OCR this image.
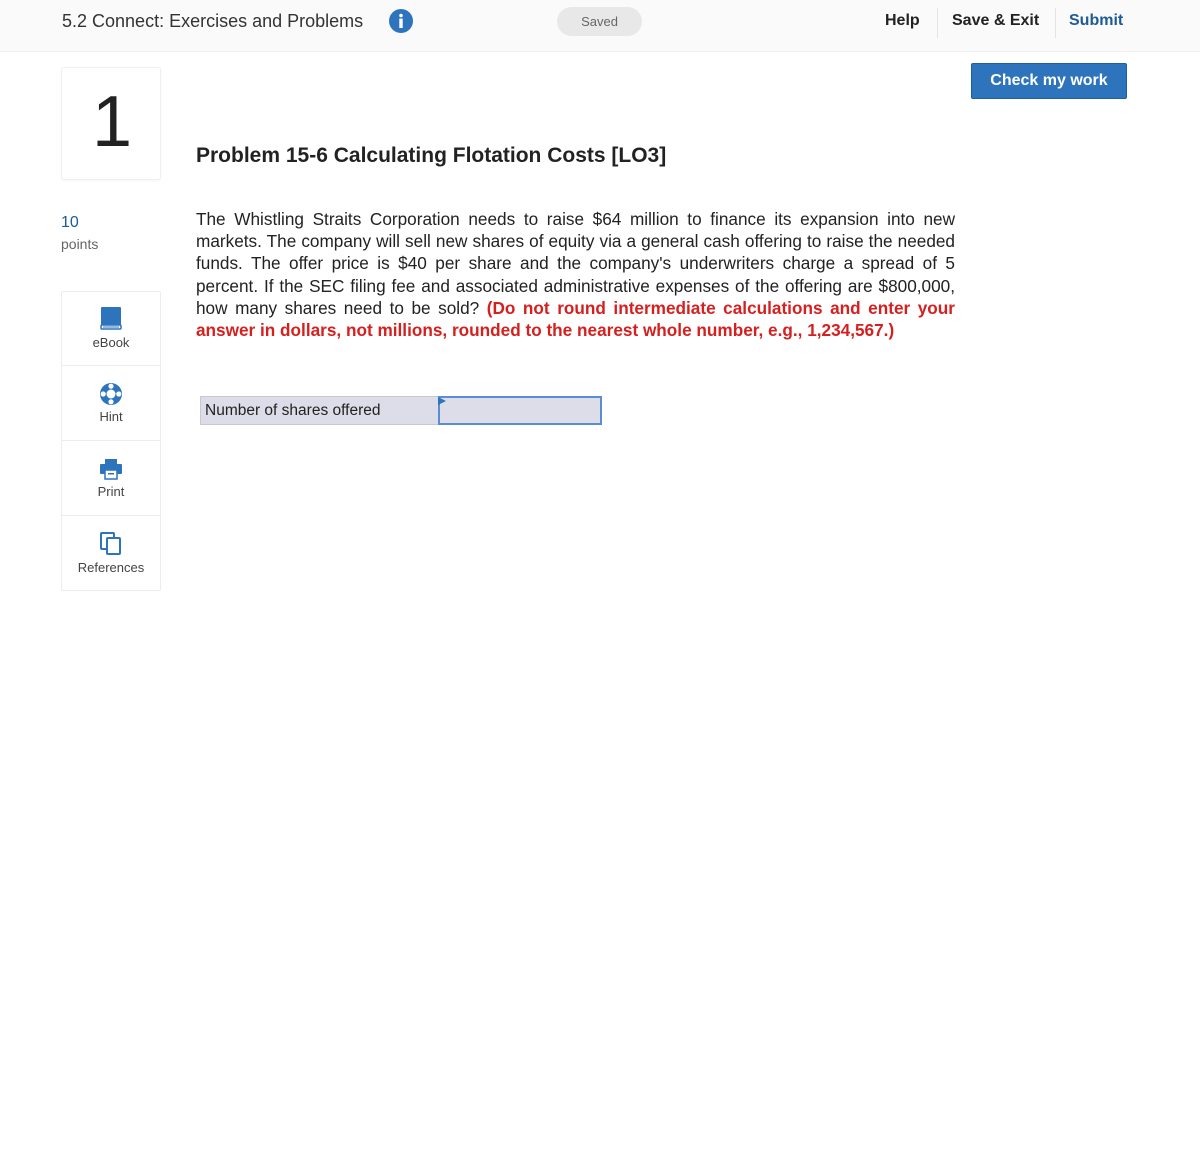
5.2 Connect: Exercises and Problems	Saved	Help Save & Exit Submit
Check my work
1
10
points
eBook
Hint
Print
References
Problem 15-6 Calculating Flotation Costs [LO3]
The Whistling Straits Corporation needs to raise $64 million to finance its expansion into new markets. The company will sell new shares of equity via a general cash offering to raise the needed funds. The offer price is $40 per share and the company's underwriters charge a spread of 5 percent. If the SEC filing fee and associated administrative expenses of the offering are $800,000, how many shares need to be sold? (Do not round intermediate calculations and enter your answer in dollars, not millions, rounded to the nearest whole number, e.g., 1,234,567.)
Number of shares offered
